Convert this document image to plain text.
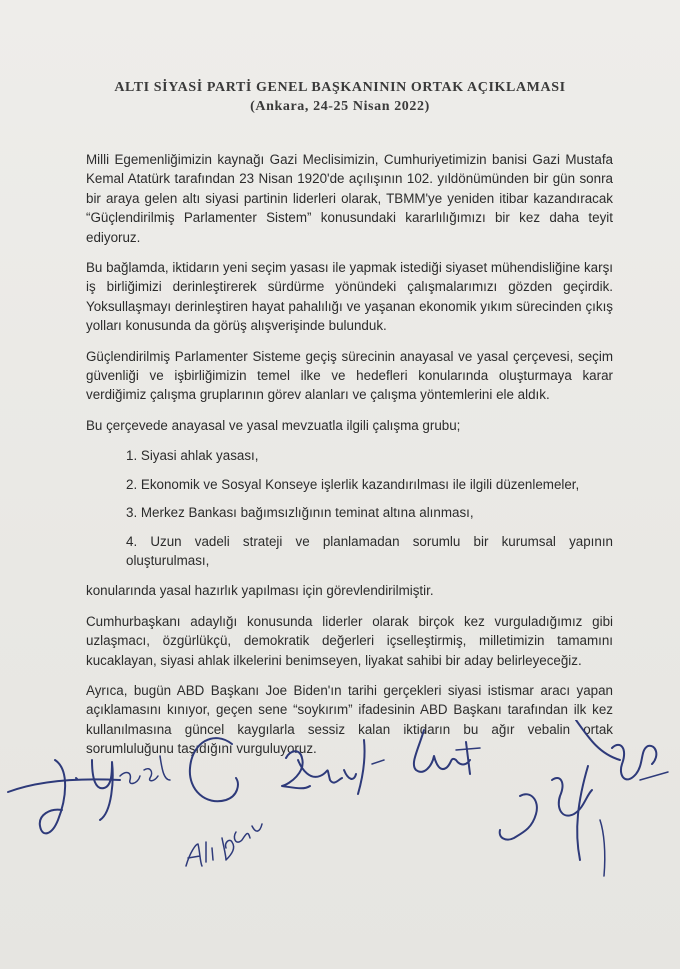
ALTI SİYASİ PARTİ GENEL BAŞKANININ ORTAK AÇIKLAMASI
(Ankara, 24-25 Nisan 2022)

Milli Egemenliğimizin kaynağı Gazi Meclisimizin, Cumhuriyetimizin banisi Gazi Mustafa Kemal Atatürk tarafından 23 Nisan 1920'de açılışının 102. yıldönümünden bir gün sonra bir araya gelen altı siyasi partinin liderleri olarak, TBMM'ye yeniden itibar kazandıracak “Güçlendirilmiş Parlamenter Sistem” konusundaki kararlılığımızı bir kez daha teyit ediyoruz.

Bu bağlamda, iktidarın yeni seçim yasası ile yapmak istediği siyaset mühendisliğine karşı iş birliğimizi derinleştirerek sürdürme yönündeki çalışmalarımızı gözden geçirdik. Yoksullaşmayı derinleştiren hayat pahalılığı ve yaşanan ekonomik yıkım sürecinden çıkış yolları konusunda da görüş alışverişinde bulunduk.

Güçlendirilmiş Parlamenter Sisteme geçiş sürecinin anayasal ve yasal çerçevesi, seçim güvenliği ve işbirliğimizin temel ilke ve hedefleri konularında oluşturmaya karar verdiğimiz çalışma gruplarının görev alanları ve çalışma yöntemlerini ele aldık.

Bu çerçevede anayasal ve yasal mevzuatla ilgili çalışma grubu;

1. Siyasi ahlak yasası,

2. Ekonomik ve Sosyal Konseye işlerlik kazandırılması ile ilgili düzenlemeler,

3. Merkez Bankası bağımsızlığının teminat altına alınması,

4. Uzun vadeli strateji ve planlamadan sorumlu bir kurumsal yapının oluşturulması,

konularında yasal hazırlık yapılması için görevlendirilmiştir.

Cumhurbaşkanı adaylığı konusunda liderler olarak birçok kez vurguladığımız gibi uzlaşmacı, özgürlükçü, demokratik değerleri içselleştirmiş, milletimizin tamamını kucaklayan, siyasi ahlak ilkelerini benimseyen, liyakat sahibi bir aday belirleyeceğiz.

Ayrıca, bugün ABD Başkanı Joe Biden'ın tarihi gerçekleri siyasi istismar aracı yapan açıklamasını kınıyor, geçen sene “soykırım” ifadesinin ABD Başkanı tarafından ilk kez kullanılmasına güncel kaygılarla sessiz kalan iktidarın bu ağır vebalin ortak sorumluluğunu taşıdığını vurguluyoruz.
